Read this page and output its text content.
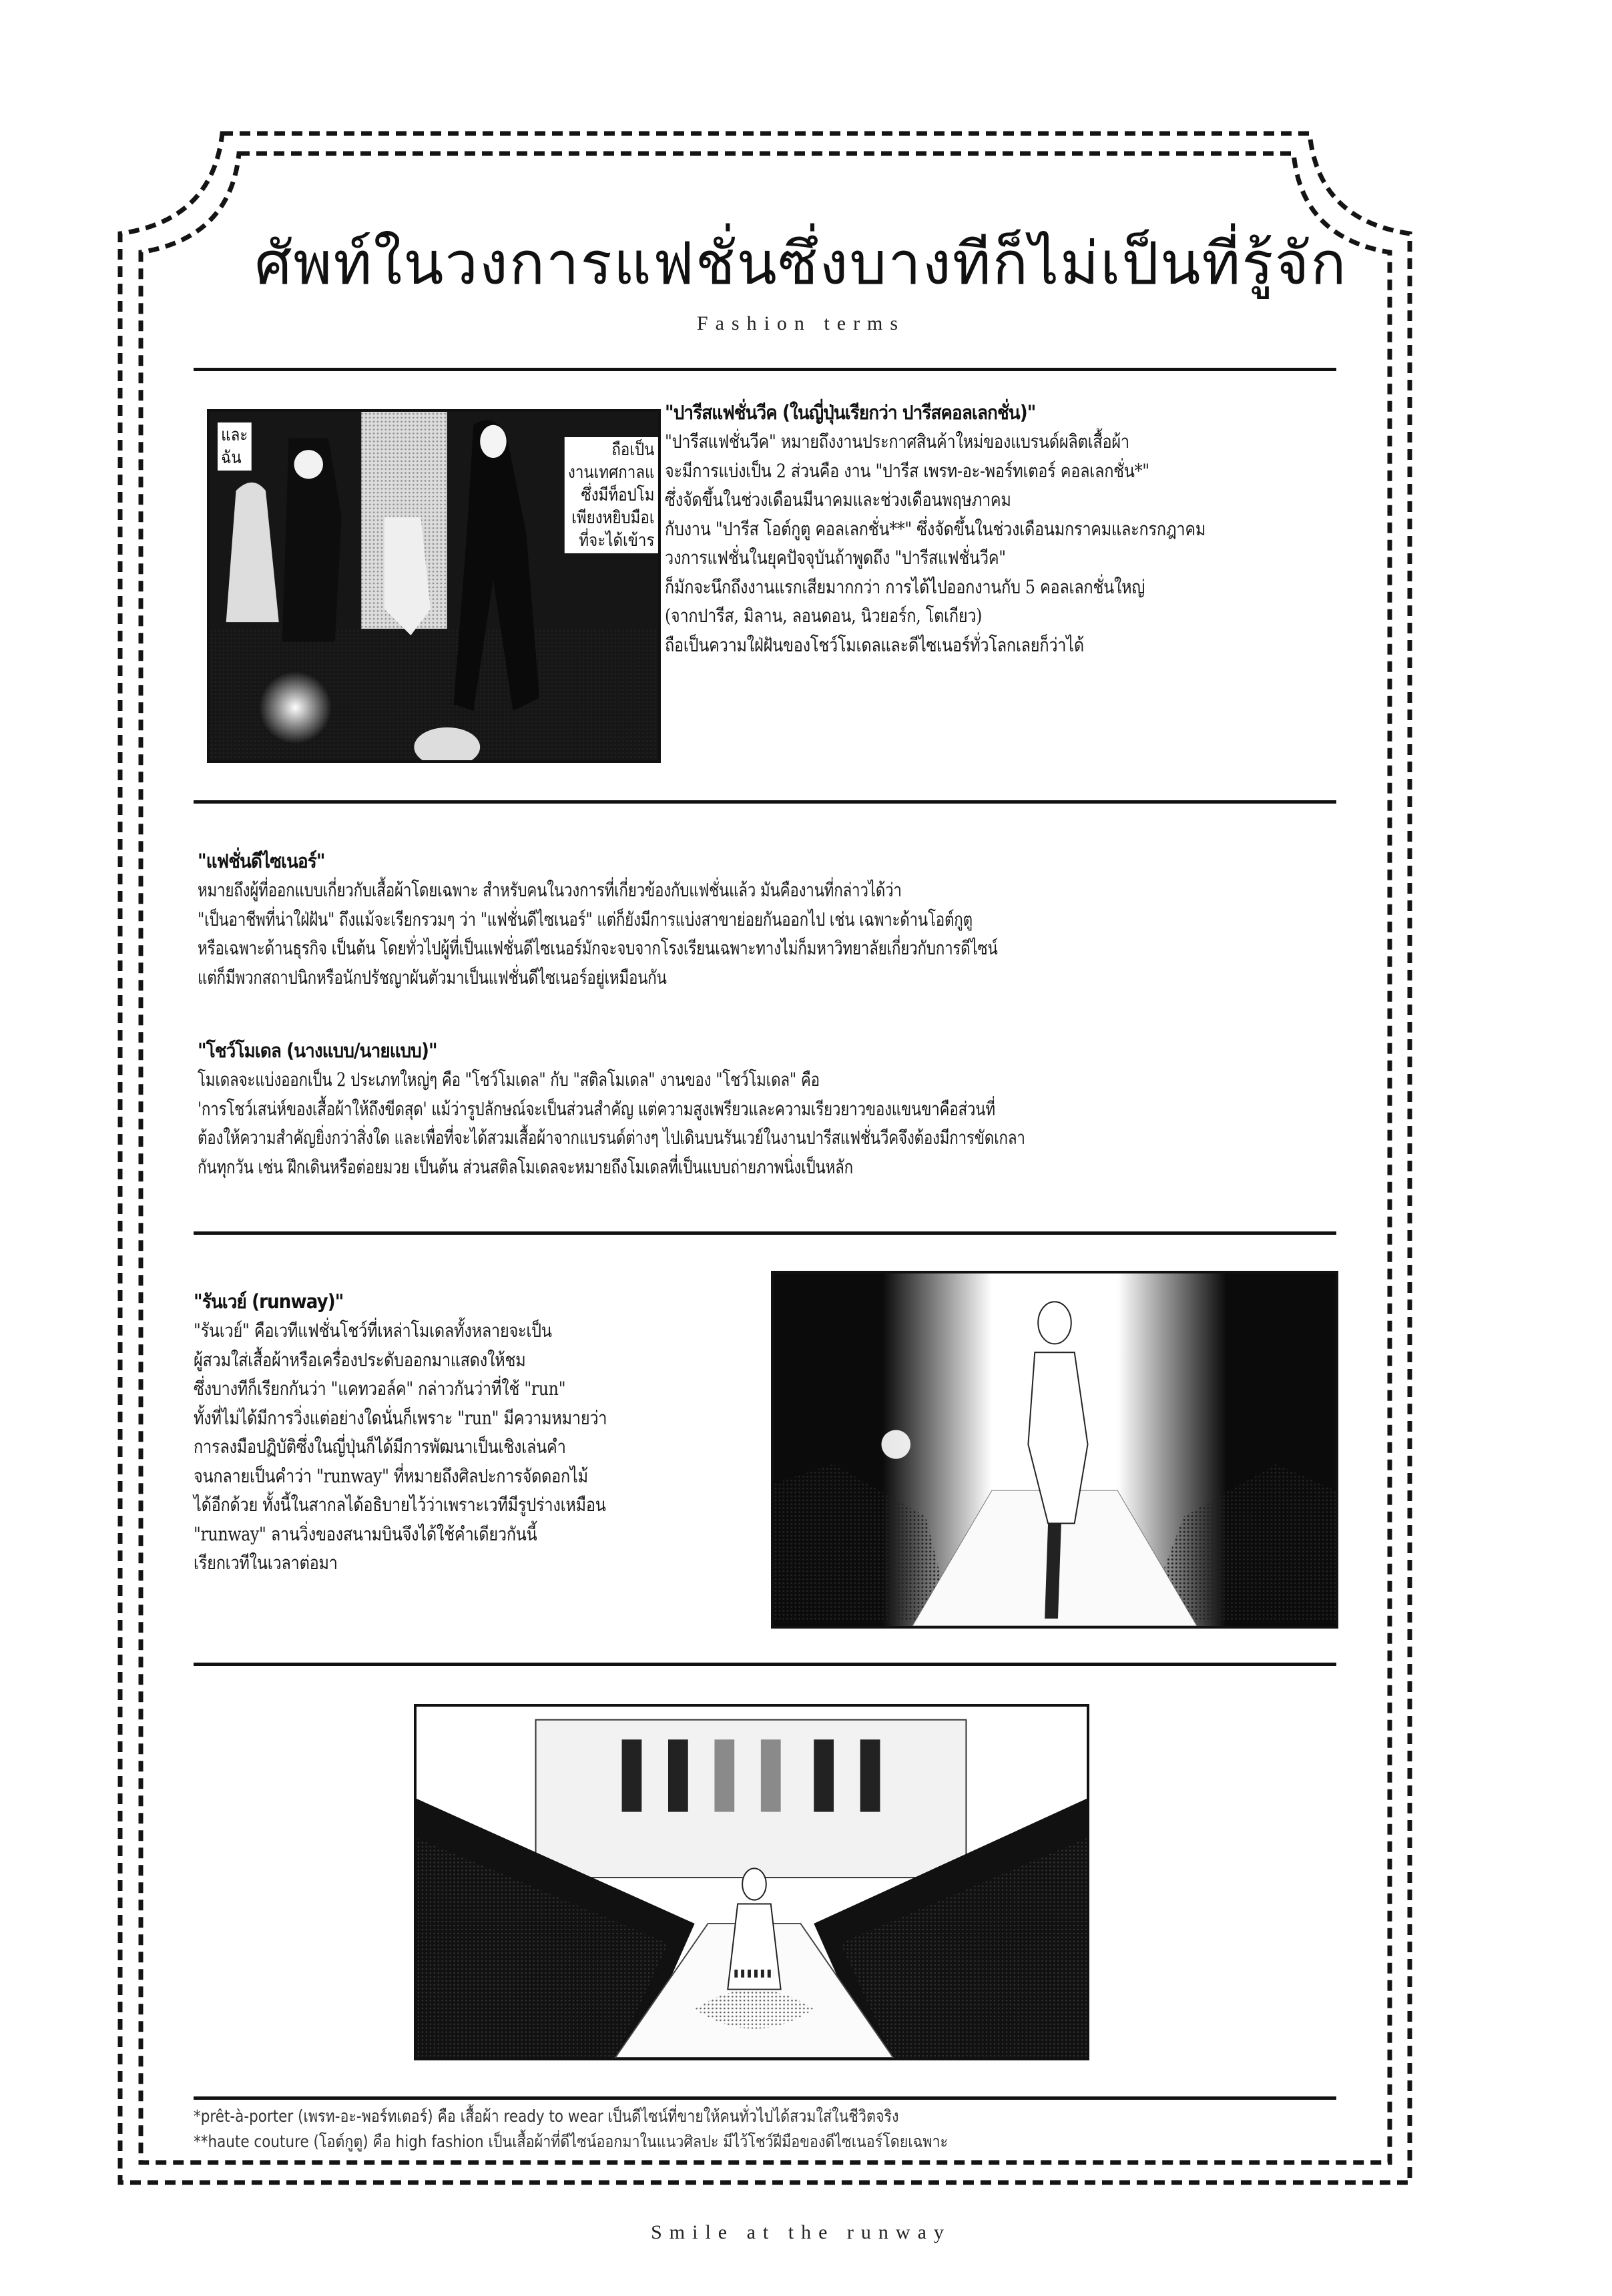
ศัพท์ในวงการแฟชั่นซึ่งบางทีก็ไม่เป็นที่รู้จัก
Fashion terms
และ
ฉัน	ถือเป็น
งานเทศกาลแ
ซึ่งมีท็อปโม
เพียงหยิบมือเ
ที่จะได้เข้าร
"ปารีสแฟชั่นวีค (ในญี่ปุ่นเรียกว่า ปารีสคอลเลกชั่น)"
"ปารีสแฟชั่นวีค" หมายถึงงานประกาศสินค้าใหม่ของแบรนด์ผลิตเสื้อผ้า
จะมีการแบ่งเป็น 2 ส่วนคือ งาน "ปารีส เพรท-อะ-พอร์ทเตอร์ คอลเลกชั่น*"
ซึ่งจัดขึ้นในช่วงเดือนมีนาคมและช่วงเดือนพฤษภาคม
กับงาน "ปารีส โอต์กูตู คอลเลกชั่น**" ซึ่งจัดขึ้นในช่วงเดือนมกราคมและกรกฎาคม
วงการแฟชั่นในยุคปัจจุบันถ้าพูดถึง "ปารีสแฟชั่นวีค"
ก็มักจะนึกถึงงานแรกเสียมากกว่า การได้ไปออกงานกับ 5 คอลเลกชั่นใหญ่
(จากปารีส, มิลาน, ลอนดอน, นิวยอร์ก, โตเกียว)
ถือเป็นความใฝ่ฝันของโชว์โมเดลและดีไซเนอร์ทั่วโลกเลยก็ว่าได้
"แฟชั่นดีไซเนอร์"
หมายถึงผู้ที่ออกแบบเกี่ยวกับเสื้อผ้าโดยเฉพาะ สำหรับคนในวงการที่เกี่ยวข้องกับแฟชั่นแล้ว มันคืองานที่กล่าวได้ว่า
"เป็นอาชีพที่น่าใฝ่ฝัน" ถึงแม้จะเรียกรวมๆ ว่า "แฟชั่นดีไซเนอร์" แต่ก็ยังมีการแบ่งสาขาย่อยกันออกไป เช่น เฉพาะด้านโอต์กูตู
หรือเฉพาะด้านธุรกิจ เป็นต้น โดยทั่วไปผู้ที่เป็นแฟชั่นดีไซเนอร์มักจะจบจากโรงเรียนเฉพาะทางไม่ก็มหาวิทยาลัยเกี่ยวกับการดีไซน์
แต่ก็มีพวกสถาปนิกหรือนักปรัชญาผันตัวมาเป็นแฟชั่นดีไซเนอร์อยู่เหมือนกัน
"โชว์โมเดล (นางแบบ/นายแบบ)"
โมเดลจะแบ่งออกเป็น 2 ประเภทใหญ่ๆ คือ "โชว์โมเดล" กับ "สติลโมเดล" งานของ "โชว์โมเดล" คือ
'การโชว์เสน่ห์ของเสื้อผ้าให้ถึงขีดสุด' แม้ว่ารูปลักษณ์จะเป็นส่วนสำคัญ แต่ความสูงเพรียวและความเรียวยาวของแขนขาคือส่วนที่
ต้องให้ความสำคัญยิ่งกว่าสิ่งใด และเพื่อที่จะได้สวมเสื้อผ้าจากแบรนด์ต่างๆ ไปเดินบนรันเวย์ในงานปารีสแฟชั่นวีคจึงต้องมีการขัดเกลา
กันทุกวัน เช่น ฝึกเดินหรือต่อยมวย เป็นต้น ส่วนสติลโมเดลจะหมายถึงโมเดลที่เป็นแบบถ่ายภาพนิ่งเป็นหลัก
"รันเวย์ (runway)"
"รันเวย์" คือเวทีแฟชั่นโชว์ที่เหล่าโมเดลทั้งหลายจะเป็น
ผู้สวมใส่เสื้อผ้าหรือเครื่องประดับออกมาแสดงให้ชม
ซึ่งบางทีก็เรียกกันว่า "แคทวอล์ค" กล่าวกันว่าที่ใช้ "run"
ทั้งที่ไม่ได้มีการวิ่งแต่อย่างใดนั่นก็เพราะ "run" มีความหมายว่า
การลงมือปฏิบัติซึ่งในญี่ปุ่นก็ได้มีการพัฒนาเป็นเชิงเล่นคำ
จนกลายเป็นคำว่า "runway" ที่หมายถึงศิลปะการจัดดอกไม้
ได้อีกด้วย ทั้งนี้ในสากลได้อธิบายไว้ว่าเพราะเวทีมีรูปร่างเหมือน
"runway" ลานวิ่งของสนามบินจึงได้ใช้คำเดียวกันนี้
เรียกเวทีในเวลาต่อมา
*prêt-à-porter (เพรท-อะ-พอร์ทเตอร์) คือ เสื้อผ้า ready to wear เป็นดีไซน์ที่ขายให้คนทั่วไปได้สวมใส่ในชีวิตจริง
**haute couture (โอต์กูตู) คือ high fashion เป็นเสื้อผ้าที่ดีไซน์ออกมาในแนวศิลปะ มีไว้โชว์ฝีมือของดีไซเนอร์โดยเฉพาะ
Smile at the runway
